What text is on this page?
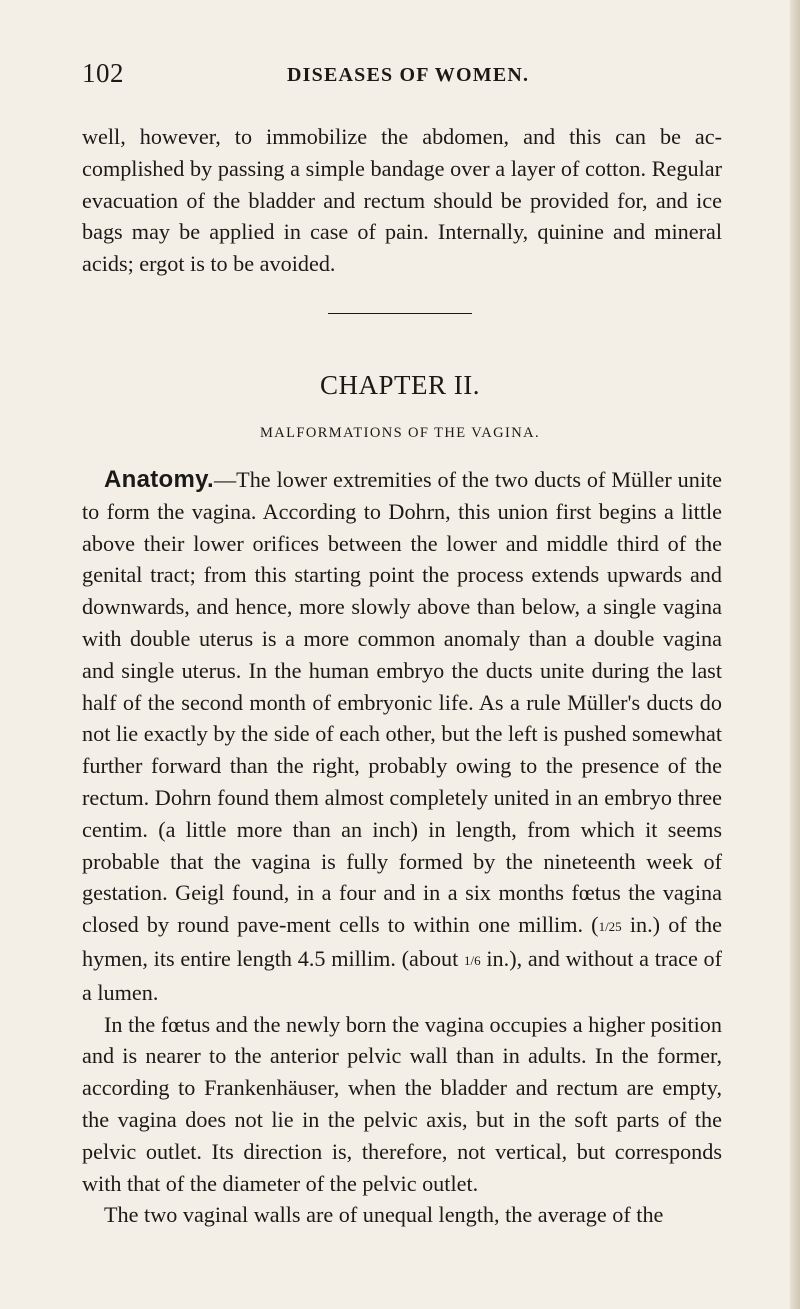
102	DISEASES OF WOMEN.

well, however, to immobilize the abdomen, and this can be ac-complished by passing a simple bandage over a layer of cotton. Regular evacuation of the bladder and rectum should be provided for, and ice bags may be applied in case of pain. Internally, quinine and mineral acids; ergot is to be avoided.

CHAPTER II.
MALFORMATIONS OF THE VAGINA.

Anatomy.—The lower extremities of the two ducts of Müller unite to form the vagina. According to Dohrn, this union first begins a little above their lower orifices between the lower and middle third of the genital tract; from this starting point the process extends upwards and downwards, and hence, more slowly above than below, a single vagina with double uterus is a more common anomaly than a double vagina and single uterus. In the human embryo the ducts unite during the last half of the second month of embryonic life. As a rule Müller's ducts do not lie exactly by the side of each other, but the left is pushed somewhat further forward than the right, probably owing to the presence of the rectum. Dohrn found them almost completely united in an embryo three centim. (a little more than an inch) in length, from which it seems probable that the vagina is fully formed by the nineteenth week of gestation. Geigl found, in a four and in a six months fœtus the vagina closed by round pave-ment cells to within one millim. (1/25 in.) of the hymen, its entire length 4.5 millim. (about 1/6 in.), and without a trace of a lumen.

In the fœtus and the newly born the vagina occupies a higher position and is nearer to the anterior pelvic wall than in adults. In the former, according to Frankenhäuser, when the bladder and rectum are empty, the vagina does not lie in the pelvic axis, but in the soft parts of the pelvic outlet. Its direction is, therefore, not vertical, but corresponds with that of the diameter of the pelvic outlet.

The two vaginal walls are of unequal length, the average of the
